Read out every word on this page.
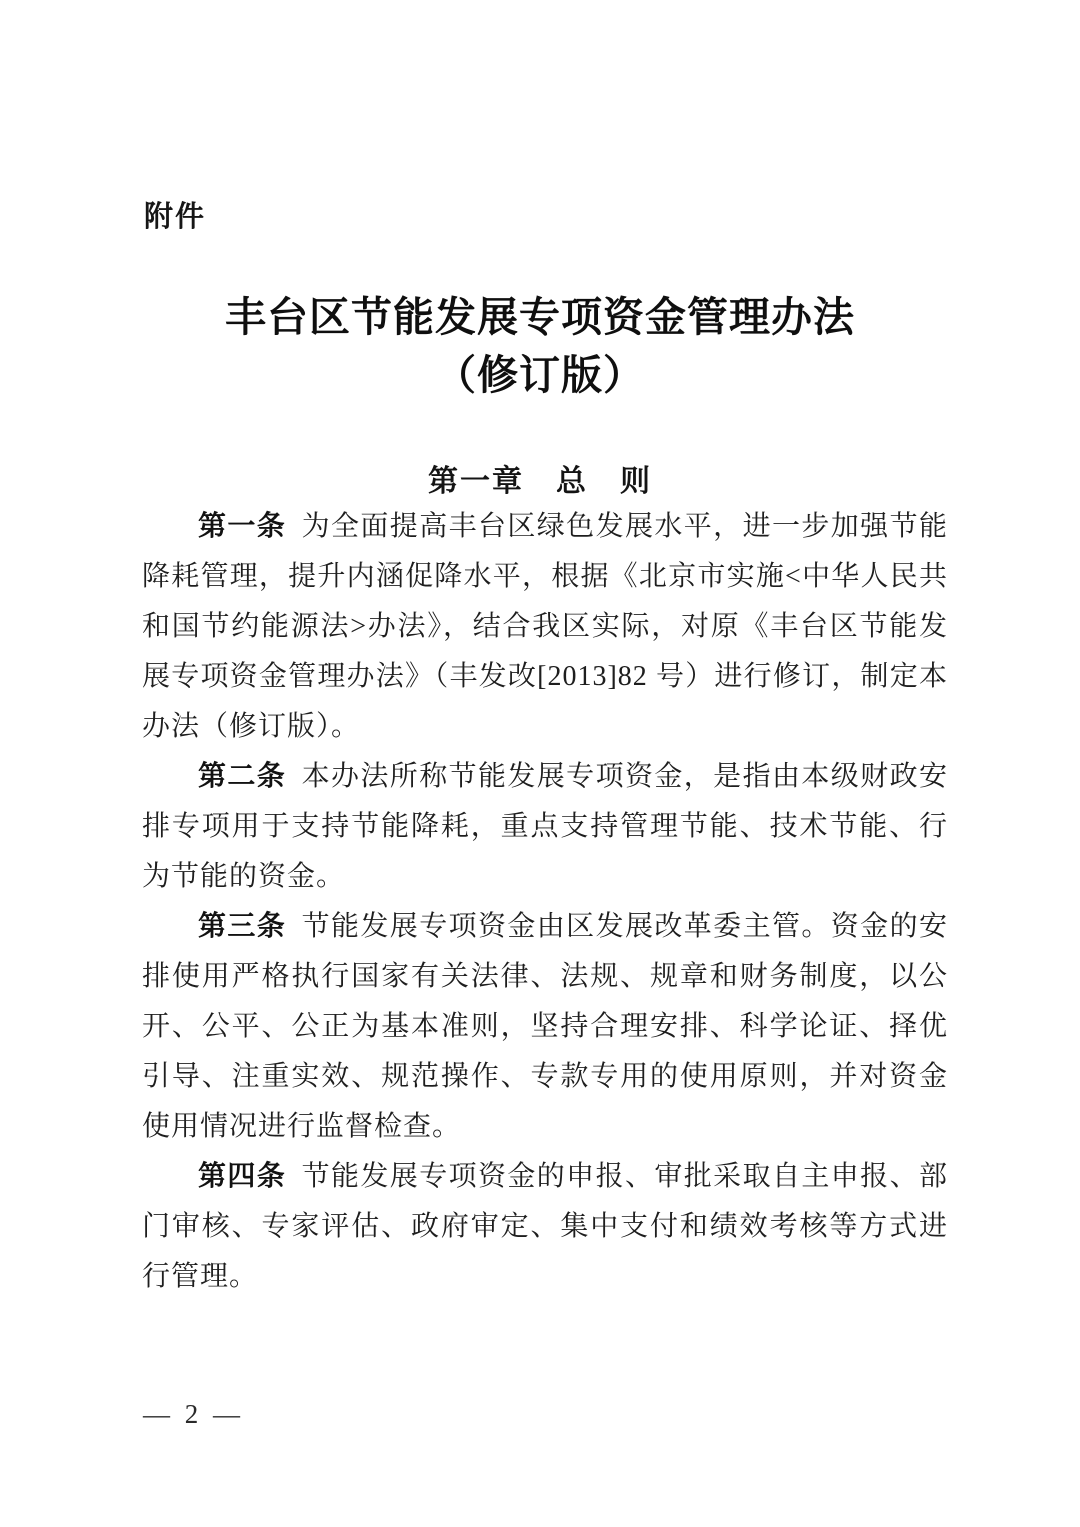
附件
丰台区节能发展专项资金管理办法
（修订版）
第一章　总　则

第一条 为全面提高丰台区绿色发展水平，进一步加强节能降耗管理，提升内涵促降水平，根据《北京市实施<中华人民共和国节约能源法>办法》，结合我区实际，对原《丰台区节能发展专项资金管理办法》（丰发改[2013]82 号）进行修订，制定本办法（修订版）。

第二条 本办法所称节能发展专项资金，是指由本级财政安排专项用于支持节能降耗，重点支持管理节能、技术节能、行为节能的资金。

第三条 节能发展专项资金由区发展改革委主管。资金的安排使用严格执行国家有关法律、法规、规章和财务制度，以公开、公平、公正为基本准则，坚持合理安排、科学论证、择优引导、注重实效、规范操作、专款专用的使用原则，并对资金使用情况进行监督检查。

第四条 节能发展专项资金的申报、审批采取自主申报、部门审核、专家评估、政府审定、集中支付和绩效考核等方式进行管理。

— 2 —
